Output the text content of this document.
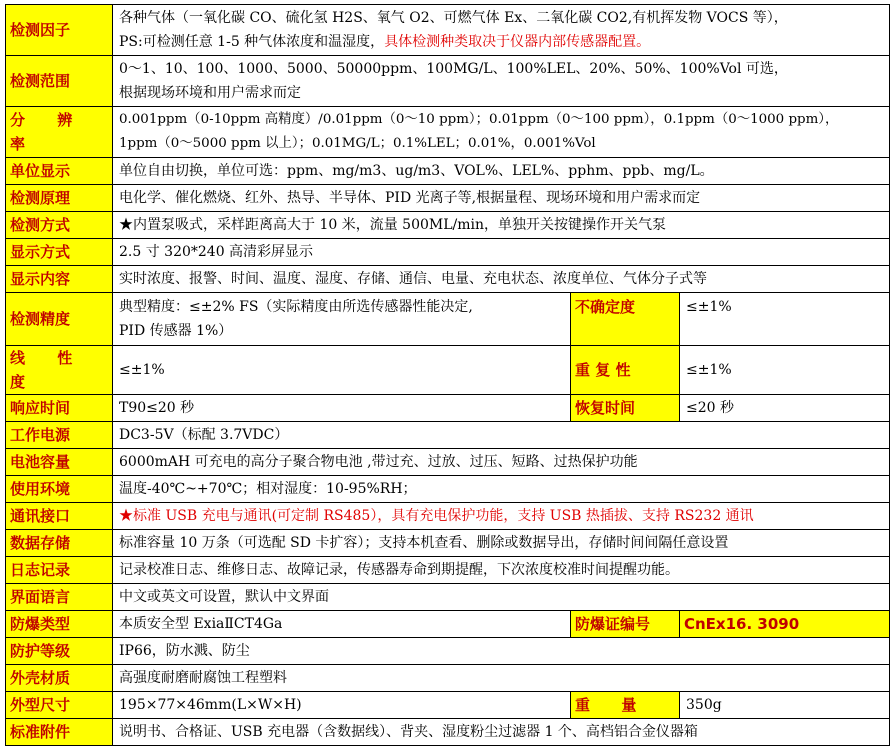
检测因子	各种气体（一氧化碳 CO、硫化氢 H2S、氧气 O2、可燃气体 Ex、二氧化碳 CO2,有机挥发物 VOCS 等），
PS:可检测任意 1-5 种气体浓度和温湿度，具体检测种类取决于仪器内部传感器配置。		

检测范围	0～1、10、100、1000、5000、50000ppm、100MG/L、100%LEL、20%、50%、100%Vol 可选，
根据现场环境和用户需求而定		

分 辨 率	0.001ppm（0-10ppm 高精度）/0.01ppm（0～10 ppm）；0.01ppm（0～100 ppm），0.1ppm（0～1000 ppm），
1ppm（0～5000 ppm 以上）；0.01MG/L；0.1%LEL；0.01%，0.001%Vol		

单位显示	单位自由切换，单位可选：ppm、mg/m3、ug/m3、VOL%、LEL%、pphm、ppb、mg/L。		
检测原理	电化学、催化燃烧、红外、热导、半导体、PID 光离子等,根据量程、现场环境和用户需求而定		
检测方式	★内置泵吸式，采样距离高大于 10 米，流量 500ML/min，单独开关按键操作开关气泵		
显示方式	2.5 寸 320*240 高清彩屏显示		
显示内容	实时浓度、报警、时间、温度、湿度、存储、通信、电量、充电状态、浓度单位、气体分子式等		
检测精度	典型精度：≤±2% FS（实际精度由所选传感器性能决定,
PID 传感器 1%）	不确定度	≤±1%
线 性 度	≤±1%	重 复 性	≤±1%
响应时间	T90≤20 秒	恢复时间	≤20 秒
工作电源	DC3-5V（标配 3.7VDC）		
电池容量	6000mAH 可充电的高分子聚合物电池 ,带过充、过放、过压、短路、过热保护功能		
使用环境	温度-40℃~+70℃；相对湿度：10-95%RH；		
通讯接口	★标准 USB 充电与通讯(可定制 RS485），具有充电保护功能，支持 USB 热插拔、支持 RS232 通讯		
数据存储	标准容量 10 万条（可选配 SD 卡扩容）；支持本机查看、删除或数据导出，存储时间间隔任意设置		
日志记录	记录校准日志、维修日志、故障记录，传感器寿命到期提醒，下次浓度校准时间提醒功能。		
界面语言	中文或英文可设置，默认中文界面		
防爆类型	本质安全型 ExiaⅡCT4Ga	防爆证编号	CnEx16. 3090
防护等级	IP66，防水溅、防尘		
外壳材质	高强度耐磨耐腐蚀工程塑料		
外型尺寸	195×77×46mm(L×W×H)	重      量	350g
标准附件	说明书、合格证、USB 充电器（含数据线）、背夹、湿度粉尘过滤器 1 个、高档铝合金仪器箱		
